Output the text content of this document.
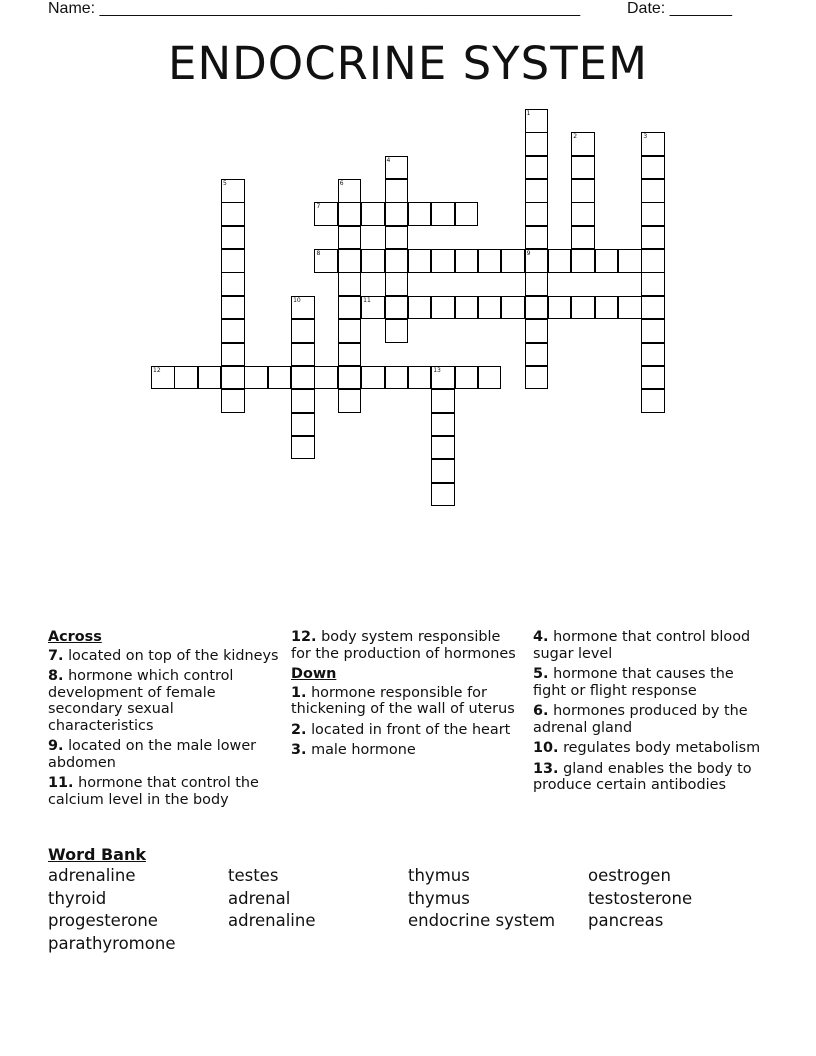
Name: ______________________________________________________	Date: _______
ENDOCRINE SYSTEM
1
9
2	3
4
5	6
7
8
10	11
12	13
Across
7. located on top of the kidneys
8. hormone which control development of female secondary sexual characteristics
9. located on the male lower abdomen
11. hormone that control the calcium level in the body
12. body system responsible for the production of hormones
Down
1. hormone responsible for thickening of the wall of uterus
2. located in front of the heart
3. male hormone
4. hormone that control blood sugar level
5. hormone that causes the fight or flight response
6. hormones produced by the adrenal gland
10. regulates body metabolism
13. gland enables the body to produce certain antibodies
Word Bank
adrenaline	testes	thymus	oestrogen
thyroid	adrenal	thymus	testosterone
progesterone	adrenaline	endocrine system	pancreas
parathyromone
